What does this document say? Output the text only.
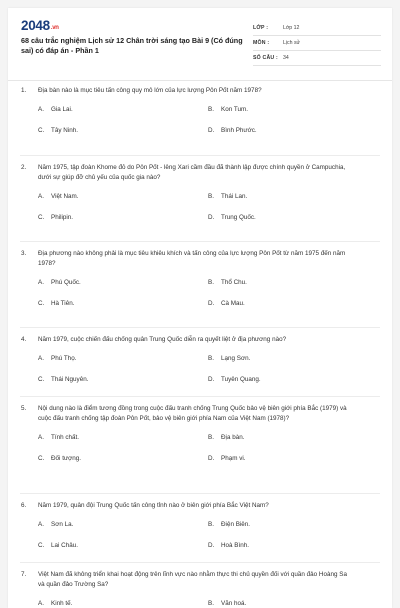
2048.vn
68 câu trắc nghiệm Lịch sử 12 Chân trời sáng tạo Bài 9 (Có đúng sai) có đáp án - Phần 1
LỚP :	Lớp 12
MÔN :	Lịch sử
SỐ CÂU : 34
1.	Địa bàn nào là mục tiêu tấn công quy mô lớn của lực lượng Pôn Pốt năm 1978?
A.	Gia Lai.	B.	Kon Tum.
C.	Tây Ninh.	D.	Bình Phước.
2.	Năm 1975, tập đoàn Khome đỏ do Pôn Pốt - lêng Xari cầm đầu đã thành lập được chính quyền ở Campuchia, dưới sự giúp đỡ chủ yếu của quốc gia nào?
A.	Việt Nam.	B.	Thái Lan.
C.	Philipin.	D.	Trung Quốc.
3.	Địa phương nào không phải là mục tiêu khiêu khích và tấn công của lực lượng Pôn Pốt từ năm 1975 đến năm 1978?
A.	Phú Quốc.	B.	Thổ Chu.
C.	Hà Tiên.	D.	Cà Mau.
4.	Năm 1979, cuộc chiến đấu chống quân Trung Quốc diễn ra quyết liệt ở địa phương nào?
A.	Phú Thọ.	B.	Lạng Sơn.
C.	Thái Nguyên.	D.	Tuyên Quang.
5.	Nội dung nào là điểm tương đồng trong cuộc đấu tranh chống Trung Quốc bảo vệ biên giới phía Bắc (1979) và cuộc đấu tranh chống tập đoàn Pôn Pốt, bảo vệ biên giới phía Nam của Việt Nam (1978)?
A.	Tính chất.	B.	Địa bàn.
C.	Đối tượng.	D.	Phạm vi.
6.	Năm 1979, quân đội Trung Quốc tấn công tỉnh nào ở biên giới phía Bắc Việt Nam?
A.	Sơn La.	B.	Điện Biên.
C.	Lai Châu.	D.	Hoà Bình.
7.	Việt Nam đã không triển khai hoạt động trên lĩnh vực nào nhằm thực thi chủ quyền đối với quần đảo Hoàng Sa và quần đảo Trường Sa?
A.	Kinh tế.	B.	Văn hoá.
